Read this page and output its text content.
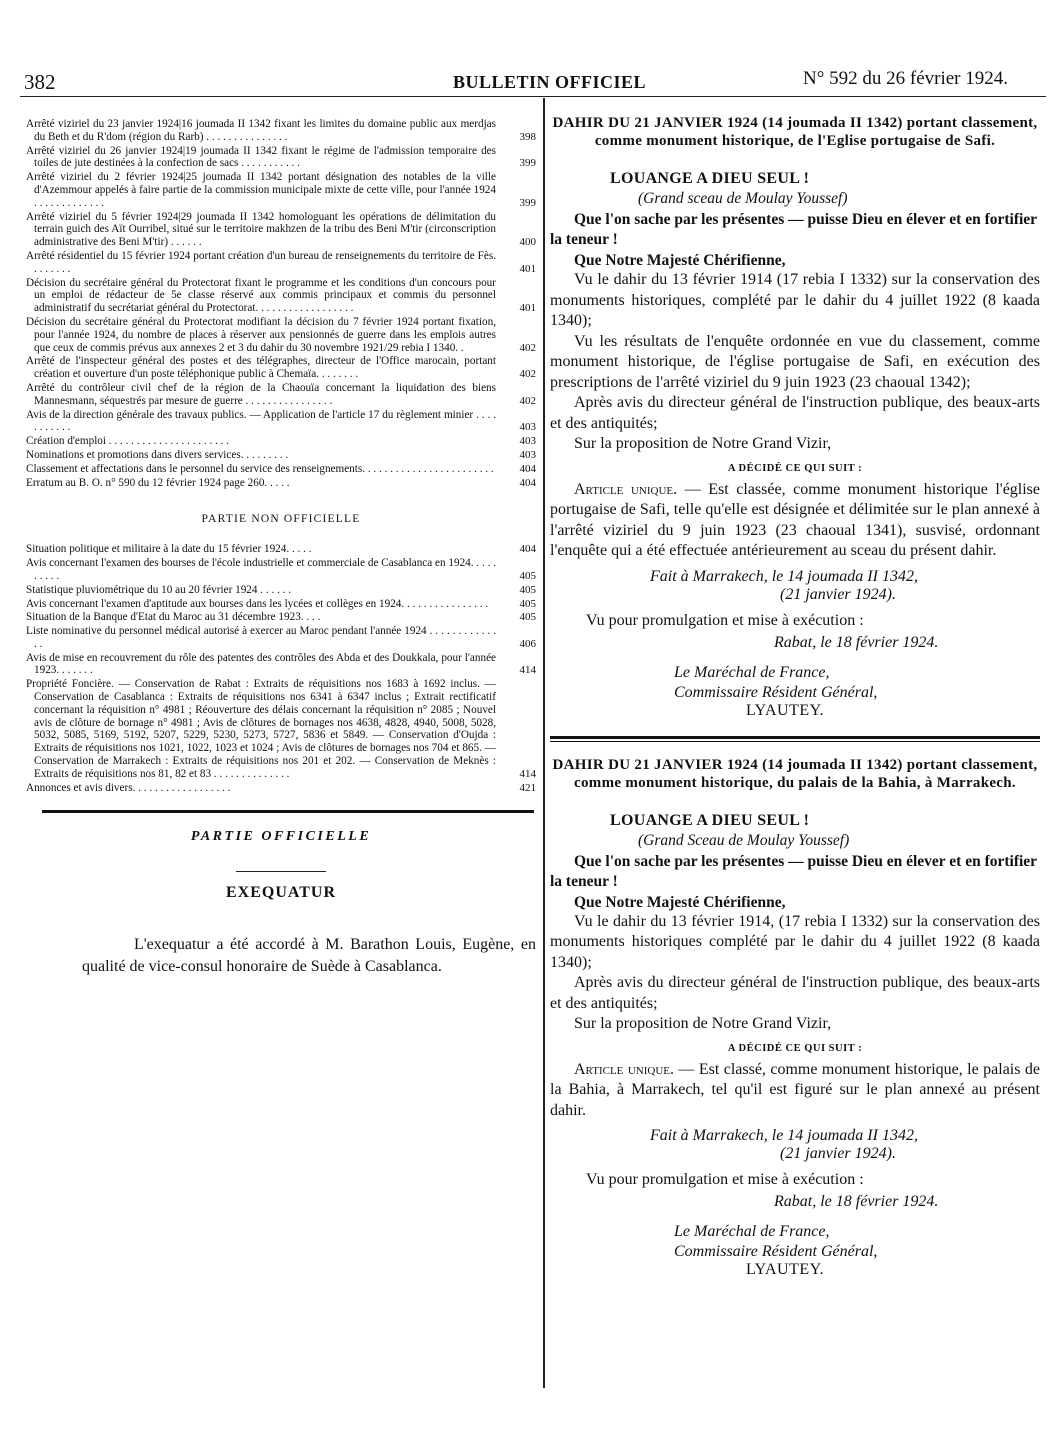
382	BULLETIN OFFICIEL	N° 592 du 26 février 1924.
Arrêté viziriel du 23 janvier 1924|16 joumada II 1342 fixant les limites du domaine public aux merdjas du Beth et du R'dom (région du Rarb) . . . . . . . . . . . . . . .	398
Arrêté viziriel du 26 janvier 1924|19 joumada II 1342 fixant le régime de l'admission temporaire des toiles de jute destinées à la confection de sacs . . . . . . . . . . .	399
Arrêté viziriel du 2 février 1924|25 joumada II 1342 portant désignation des notables de la ville d'Azemmour appelés à faire partie de la commission municipale mixte de cette ville, pour l'année 1924 . . . . . . . . . . . . .	399
Arrêté viziriel du 5 février 1924|29 joumada II 1342 homologuant les opérations de délimitation du terrain guich des Aït Ourribel, situé sur le territoire makhzen de la tribu des Beni M'tir (circonscription administrative des Beni M'tir) . . . . . .	400
Arrêté résidentiel du 15 février 1924 portant création d'un bureau de renseignements du territoire de Fès. . . . . . . .	401
Décision du secrétaire général du Protectorat fixant le programme et les conditions d'un concours pour un emploi de rédacteur de 5e classe réservé aux commis principaux et commis du personnel administratif du secrétariat général du Protectorat. . . . . . . . . . . . . . . . . .	401
Décision du secrétaire général du Protectorat modifiant la décision du 7 février 1924 portant fixation, pour l'année 1924, du nombre de places à réserver aux pensionnés de guerre dans les emplois autres que ceux de commis prévus aux annexes 2 et 3 du dahir du 30 novembre 1921/29 rebia I 1340. .	402
Arrêté de l'inspecteur général des postes et des télégraphes, directeur de l'Office marocain, portant création et ouverture d'un poste téléphonique public à Chemaïa. . . . . . . .	402
Arrêté du contrôleur civil chef de la région de la Chaouïa concernant la liquidation des biens Mannesmann, séquestrés par mesure de guerre . . . . . . . . . . . . . . . .	402
Avis de la direction générale des travaux publics. — Application de l'article 17 du règlement minier . . . . . . . . . . .	403
Création d'emploi . . . . . . . . . . . . . . . . . . . . . .	403
Nominations et promotions dans divers services. . . . . . . . .	403
Classement et affectations dans le personnel du service des renseignements. . . . . . . . . . . . . . . . . . . . . . . . 404
Erratum au B. O. n° 590 du 12 février 1924 page 260. . . . .	404
PARTIE NON OFFICIELLE
Situation politique et militaire à la date du 15 février 1924. . . . .	404
Avis concernant l'examen des bourses de l'école industrielle et commerciale de Casablanca en 1924. . . . . . . . . .	405
Statistique pluviométrique du 10 au 20 février 1924 . . . . . .	405
Avis concernant l'examen d'aptitude aux bourses dans les lycées et collèges en 1924. . . . . . . . . . . . . . . .	405
Situation de la Banque d'Etat du Maroc au 31 décembre 1923. . . .	405
Liste nominative du personnel médical autorisé à exercer au Maroc pendant l'année 1924 . . . . . . . . . . . . . .	406
Avis de mise en recouvrement du rôle des patentes des contrôles des Abda et des Doukkala, pour l'année 1923. . . . . . .	414
Propriété Foncière. — Conservation de Rabat : Extraits de réquisitions nos 1683 à 1692 inclus. — Conservation de Casablanca : Extraits de réquisitions nos 6341 à 6347 inclus ; Extrait rectificatif concernant la réquisition n° 4981 ; Réouverture des délais concernant la réquisition n° 2085 ; Nouvel avis de clôture de bornage n° 4981 ; Avis de clôtures de bornages nos 4638, 4828, 4940, 5008, 5028, 5032, 5085, 5169, 5192, 5207, 5229, 5230, 5273, 5727, 5836 et 5849. — Conservation d'Oujda : Extraits de réquisitions nos 1021, 1022, 1023 et 1024 ; Avis de clôtures de bornages nos 704 et 865. — Conservation de Marrakech : Extraits de réquisitions nos 201 et 202. — Conservation de Meknès : Extraits de réquisitions nos 81, 82 et 83 . . . . . . . . . . . . . .	414
Annonces et avis divers. . . . . . . . . . . . . . . . . .	421
PARTIE OFFICIELLE
EXEQUATUR
L'exequatur a été accordé à M. Barathon Louis, Eugène, en qualité de vice-consul honoraire de Suède à Casablanca.
DAHIR DU 21 JANVIER 1924 (14 joumada II 1342) portant classement, comme monument historique, de l'Eglise portugaise de Safi.
LOUANGE A DIEU SEUL !
(Grand sceau de Moulay Youssef)
Que l'on sache par les présentes — puisse Dieu en élever et en fortifier la teneur !
Que Notre Majesté Chérifienne,
Vu le dahir du 13 février 1914 (17 rebia I 1332) sur la conservation des monuments historiques, complété par le dahir du 4 juillet 1922 (8 kaada 1340);
Vu les résultats de l'enquête ordonnée en vue du classement, comme monument historique, de l'église portugaise de Safi, en exécution des prescriptions de l'arrêté viziriel du 9 juin 1923 (23 chaoual 1342);
Après avis du directeur général de l'instruction publique, des beaux-arts et des antiquités;
Sur la proposition de Notre Grand Vizir,
A DÉCIDÉ CE QUI SUIT :
Article unique. — Est classée, comme monument historique l'église portugaise de Safi, telle qu'elle est désignée et délimitée sur le plan annexé à l'arrêté viziriel du 9 juin 1923 (23 chaoual 1341), susvisé, ordonnant l'enquête qui a été effectuée antérieurement au sceau du présent dahir.
Fait à Marrakech, le 14 joumada II 1342,
(21 janvier 1924).
Vu pour promulgation et mise à exécution :
Rabat, le 18 février 1924.
Le Maréchal de France,
Commissaire Résident Général,
LYAUTEY.
DAHIR DU 21 JANVIER 1924 (14 joumada II 1342) portant classement, comme monument historique, du palais de la Bahia, à Marrakech.
LOUANGE A DIEU SEUL !
(Grand Sceau de Moulay Youssef)
Que l'on sache par les présentes — puisse Dieu en élever et en fortifier la teneur !
Que Notre Majesté Chérifienne,
Vu le dahir du 13 février 1914, (17 rebia I 1332) sur la conservation des monuments historiques complété par le dahir du 4 juillet 1922 (8 kaada 1340);
Après avis du directeur général de l'instruction publique, des beaux-arts et des antiquités;
Sur la proposition de Notre Grand Vizir,
A DÉCIDÉ CE QUI SUIT :
Article unique. — Est classé, comme monument historique, le palais de la Bahia, à Marrakech, tel qu'il est figuré sur le plan annexé au présent dahir.
Fait à Marrakech, le 14 joumada II 1342,
(21 janvier 1924).
Vu pour promulgation et mise à exécution :
Rabat, le 18 février 1924.
Le Maréchal de France,
Commissaire Résident Général,
LYAUTEY.
